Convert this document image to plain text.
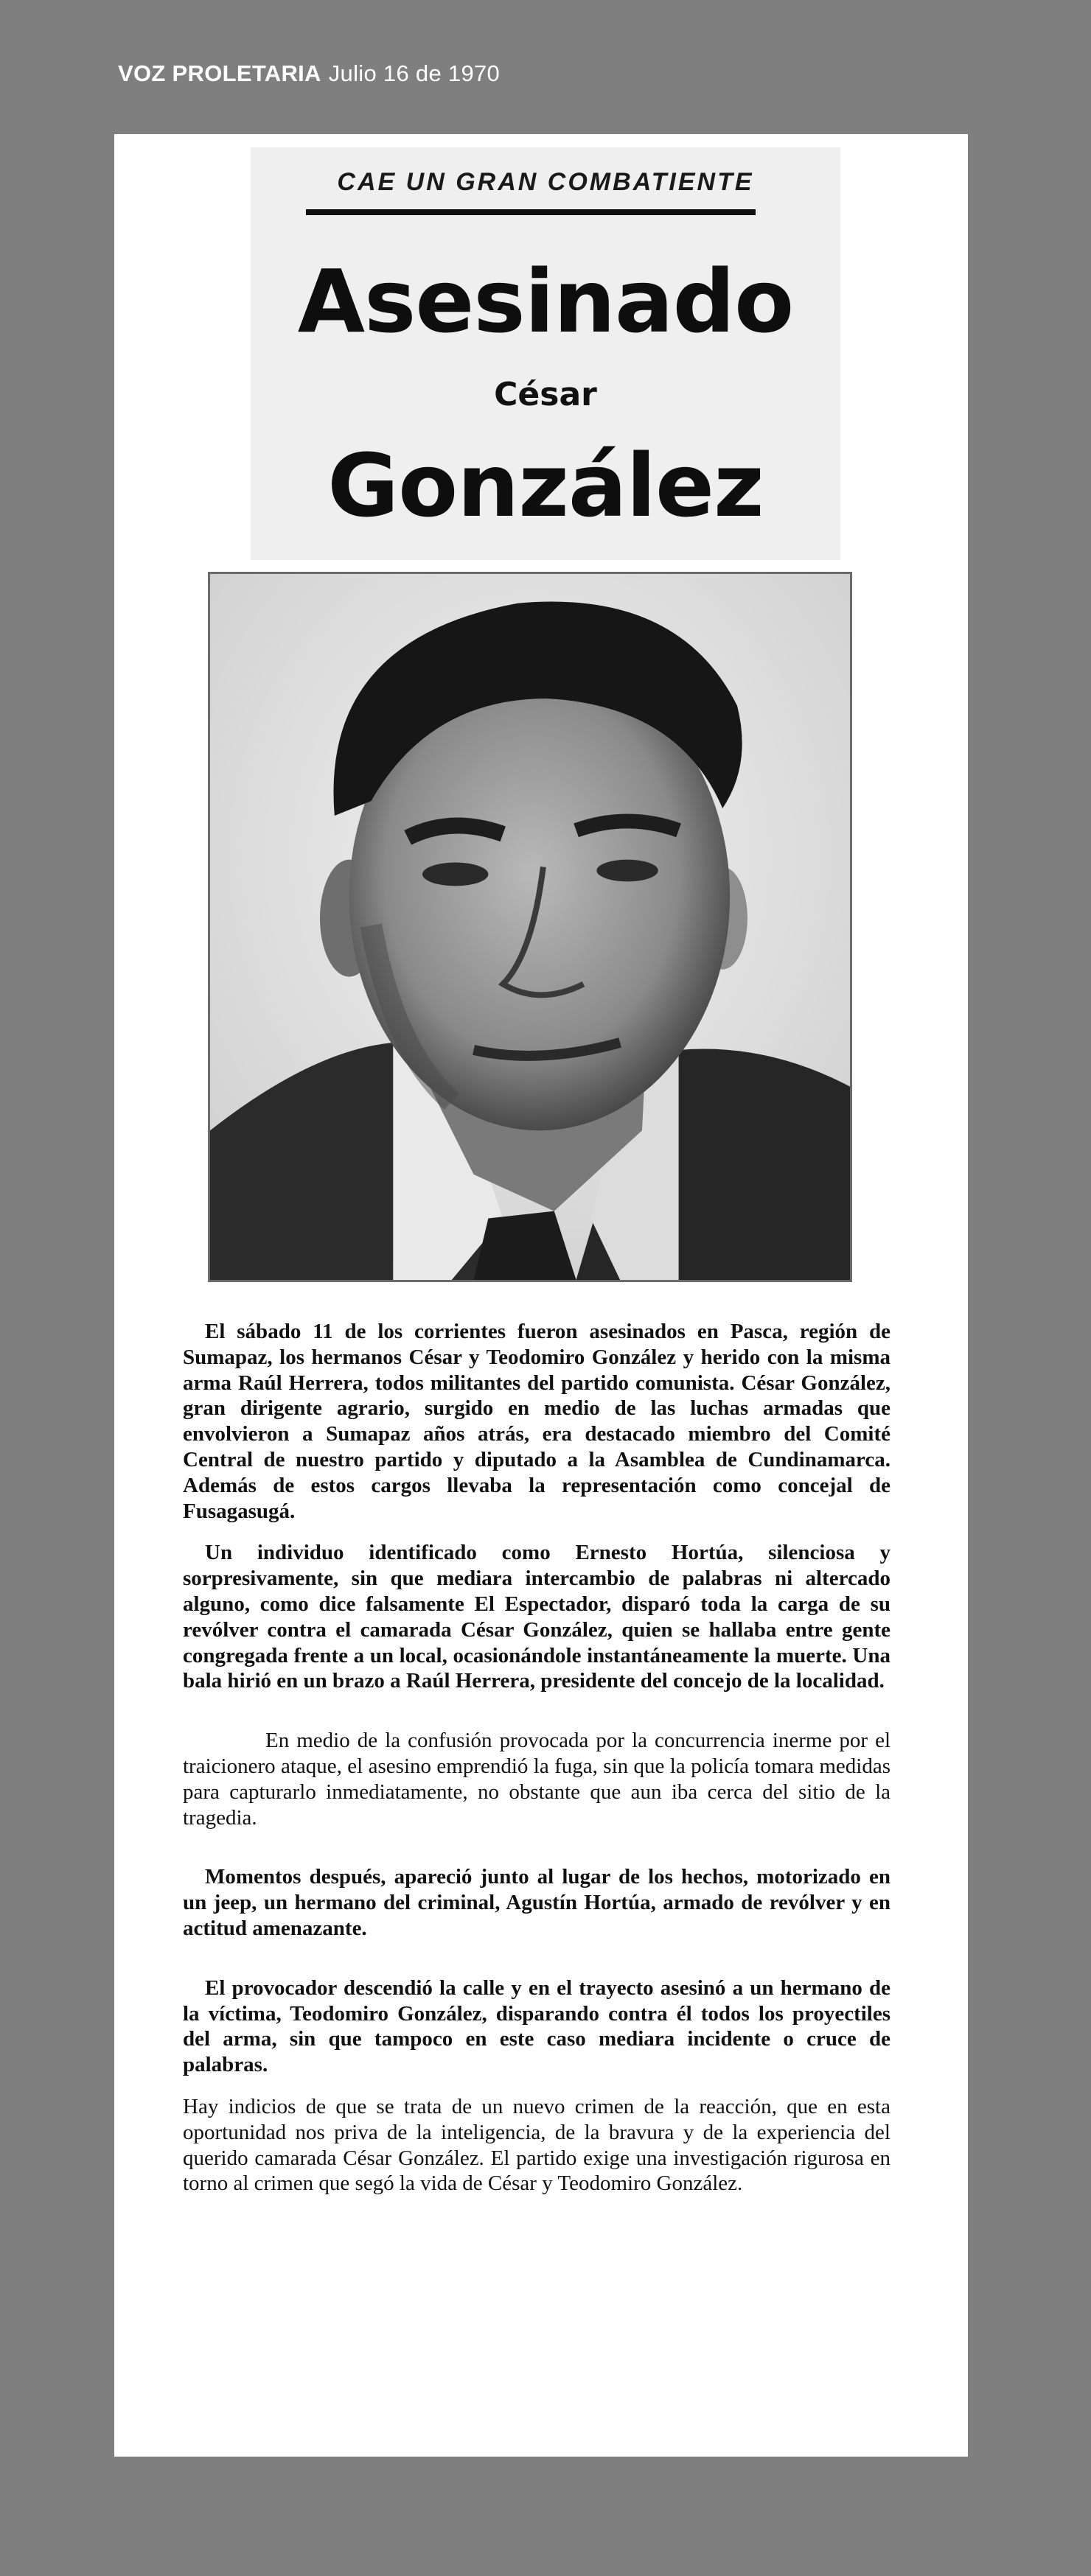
VOZ PROLETARIA Julio 16 de 1970
CAE UN GRAN COMBATIENTE
Asesinado
César
González

El sábado 11 de los corrientes fueron asesinados en Pasca, región de Sumapaz, los hermanos César y Teodomiro González y herido con la misma arma Raúl Herrera, todos militantes del partido comunista. César González, gran dirigente agrario, surgido en medio de las luchas armadas que envolvieron a Sumapaz años atrás, era destacado miembro del Comité Central de nuestro partido y diputado a la Asamblea de Cundinamarca. Además de estos cargos llevaba la representación como concejal de Fusagasugá.

Un individuo identificado como Ernesto Hortúa, silenciosa y sorpresivamente, sin que mediara intercambio de palabras ni altercado alguno, como dice falsamente El Espectador, disparó toda la carga de su revólver contra el camarada César González, quien se hallaba entre gente congregada frente a un local, ocasionándole instantáneamente la muerte. Una bala hirió en un brazo a Raúl Herrera, presidente del concejo de la localidad.

En medio de la confusión provocada por la concurrencia inerme por el traicionero ataque, el asesino emprendió la fuga, sin que la policía tomara medidas para capturarlo inmediatamente, no obstante que aun iba cerca del sitio de la tragedia.

Momentos después, apareció junto al lugar de los hechos, motorizado en un jeep, un hermano del criminal, Agustín Hortúa, armado de revólver y en actitud amenazante.

El provocador descendió la calle y en el trayecto asesinó a un hermano de la víctima, Teodomiro González, disparando contra él todos los proyectiles del arma, sin que tampoco en este caso mediara incidente o cruce de palabras.

Hay indicios de que se trata de un nuevo crimen de la reacción, que en esta oportunidad nos priva de la inteligencia, de la bravura y de la experiencia del querido camarada César González. El partido exige una investigación rigurosa en torno al crimen que segó la vida de César y Teodomiro González.
